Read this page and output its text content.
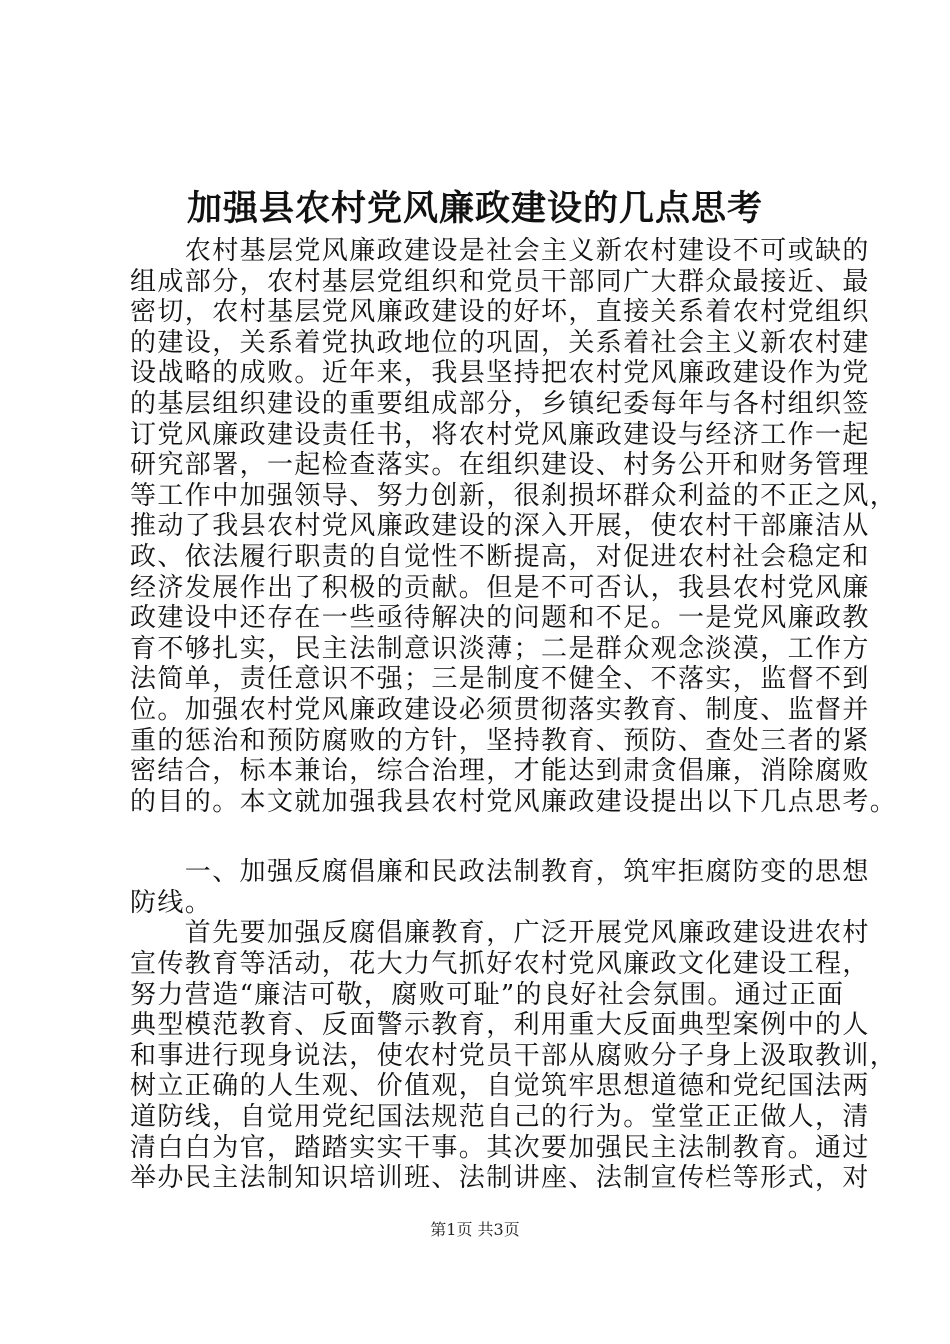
加强县农村党风廉政建设的几点思考
　　农村基层党风廉政建设是社会主义新农村建设不可或缺的
组成部分，农村基层党组织和党员干部同广大群众最接近、最
密切，农村基层党风廉政建设的好坏，直接关系着农村党组织
的建设，关系着党执政地位的巩固，关系着社会主义新农村建
设战略的成败。近年来，我县坚持把农村党风廉政建设作为党
的基层组织建设的重要组成部分，乡镇纪委每年与各村组织签
订党风廉政建设责任书，将农村党风廉政建设与经济工作一起
研究部署，一起检查落实。在组织建设、村务公开和财务管理
等工作中加强领导、努力创新，很刹损坏群众利益的不正之风，
推动了我县农村党风廉政建设的深入开展，使农村干部廉洁从
政、依法履行职责的自觉性不断提高，对促进农村社会稳定和
经济发展作出了积极的贡献。但是不可否认，我县农村党风廉
政建设中还存在一些亟待解决的问题和不足。一是党风廉政教
育不够扎实，民主法制意识淡薄；二是群众观念淡漠，工作方
法简单，责任意识不强；三是制度不健全、不落实，监督不到
位。加强农村党风廉政建设必须贯彻落实教育、制度、监督并
重的惩治和预防腐败的方针，坚持教育、预防、查处三者的紧
密结合，标本兼诒，综合治理，才能达到肃贪倡廉，消除腐败
的目的。本文就加强我县农村党风廉政建设提出以下几点思考。
　　一、加强反腐倡廉和民政法制教育，筑牢拒腐防变的思想
防线。
　　首先要加强反腐倡廉教育，广泛开展党风廉政建设进农村
宣传教育等活动，花大力气抓好农村党风廉政文化建设工程，
努力营造“廉洁可敬，腐败可耻”的良好社会氛围。通过正面
典型模范教育、反面警示教育，利用重大反面典型案例中的人
和事进行现身说法，使农村党员干部从腐败分子身上汲取教训，
树立正确的人生观、价值观，自觉筑牢思想道德和党纪国法两
道防线，自觉用党纪国法规范自己的行为。堂堂正正做人，清
清白白为官，踏踏实实干事。其次要加强民主法制教育。通过
举办民主法制知识培训班、法制讲座、法制宣传栏等形式，对
第1页 共3页
